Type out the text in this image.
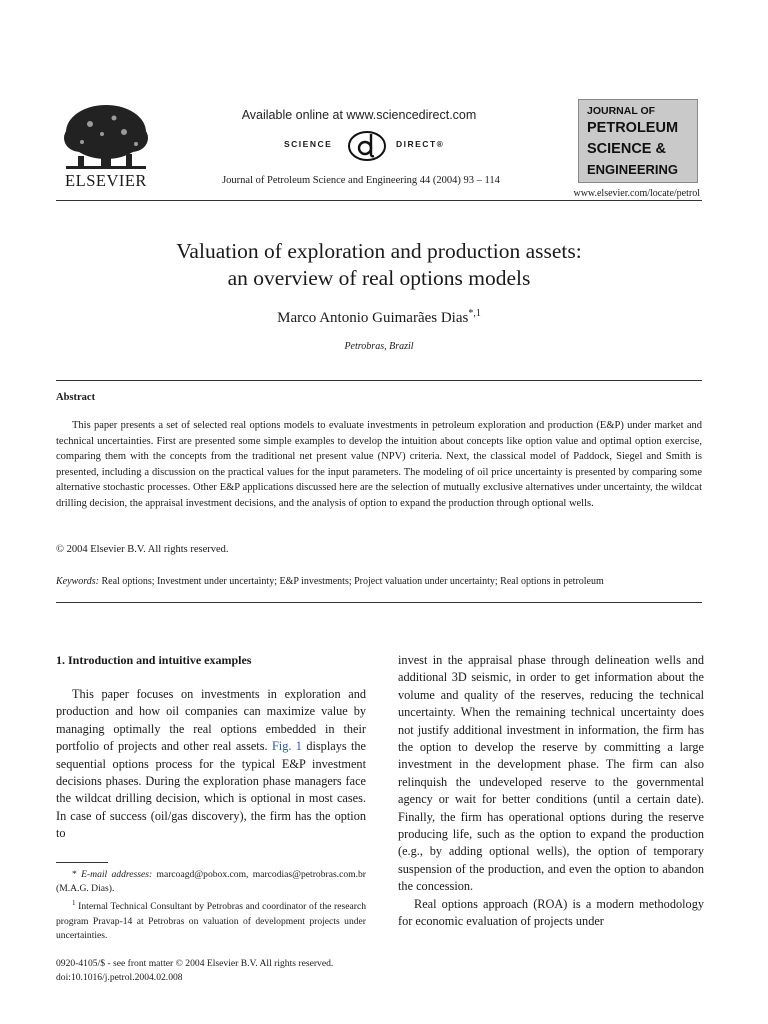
ELSEVIER
Available online at www.sciencedirect.com
SCIENCE	DIRECT®
Journal of Petroleum Science and Engineering 44 (2004) 93 – 114
JOURNAL OF
PETROLEUM
SCIENCE &
ENGINEERING
www.elsevier.com/locate/petrol
Valuation of exploration and production assets:
an overview of real options models
Marco Antonio Guimarães Dias$^{*,1}$
Petrobras, Brazil
Abstract

This paper presents a set of selected real options models to evaluate investments in petroleum exploration and production (E&P) under market and technical uncertainties. First are presented some simple examples to develop the intuition about concepts like option value and optimal option exercise, comparing them with the concepts from the traditional net present value (NPV) criteria. Next, the classical model of Paddock, Siegel and Smith is presented, including a discussion on the practical values for the input parameters. The modeling of oil price uncertainty is presented by comparing some alternative stochastic processes. Other E&P applications discussed here are the selection of mutually exclusive alternatives under uncertainty, the wildcat drilling decision, the appraisal investment decisions, and the analysis of option to expand the production through optional wells.

© 2004 Elsevier B.V. All rights reserved.
Keywords: Real options; Investment under uncertainty; E&P investments; Project valuation under uncertainty; Real options in petroleum
1. Introduction and intuitive examples

This paper focuses on investments in exploration and production and how oil companies can maximize value by managing optimally the real options embedded in their portfolio of projects and other real assets. Fig. 1 displays the sequential options process for the typical E&P investment decisions phases. During the exploration phase managers face the wildcat drilling decision, which is optional in most cases. In case of success (oil/gas discovery), the firm has the option to

* E-mail addresses: marcoagd@pobox.com, marcodias@petrobras.com.br (M.A.G. Dias).

$^1$ Internal Technical Consultant by Petrobras and coordinator of the research program Pravap-14 at Petrobras on valuation of development projects under uncertainties.

invest in the appraisal phase through delineation wells and additional 3D seismic, in order to get information about the volume and quality of the reserves, reducing the technical uncertainty. When the remaining technical uncertainty does not justify additional investment in information, the firm has the option to develop the reserve by committing a large investment in the development phase. The firm can also relinquish the undeveloped reserve to the governmental agency or wait for better conditions (until a certain date). Finally, the firm has operational options during the reserve producing life, such as the option to expand the production (e.g., by adding optional wells), the option of temporary suspension of the production, and even the option to abandon the concession.

Real options approach (ROA) is a modern methodology for economic evaluation of projects under

0920-4105/$ - see front matter © 2004 Elsevier B.V. All rights reserved.
doi:10.1016/j.petrol.2004.02.008
